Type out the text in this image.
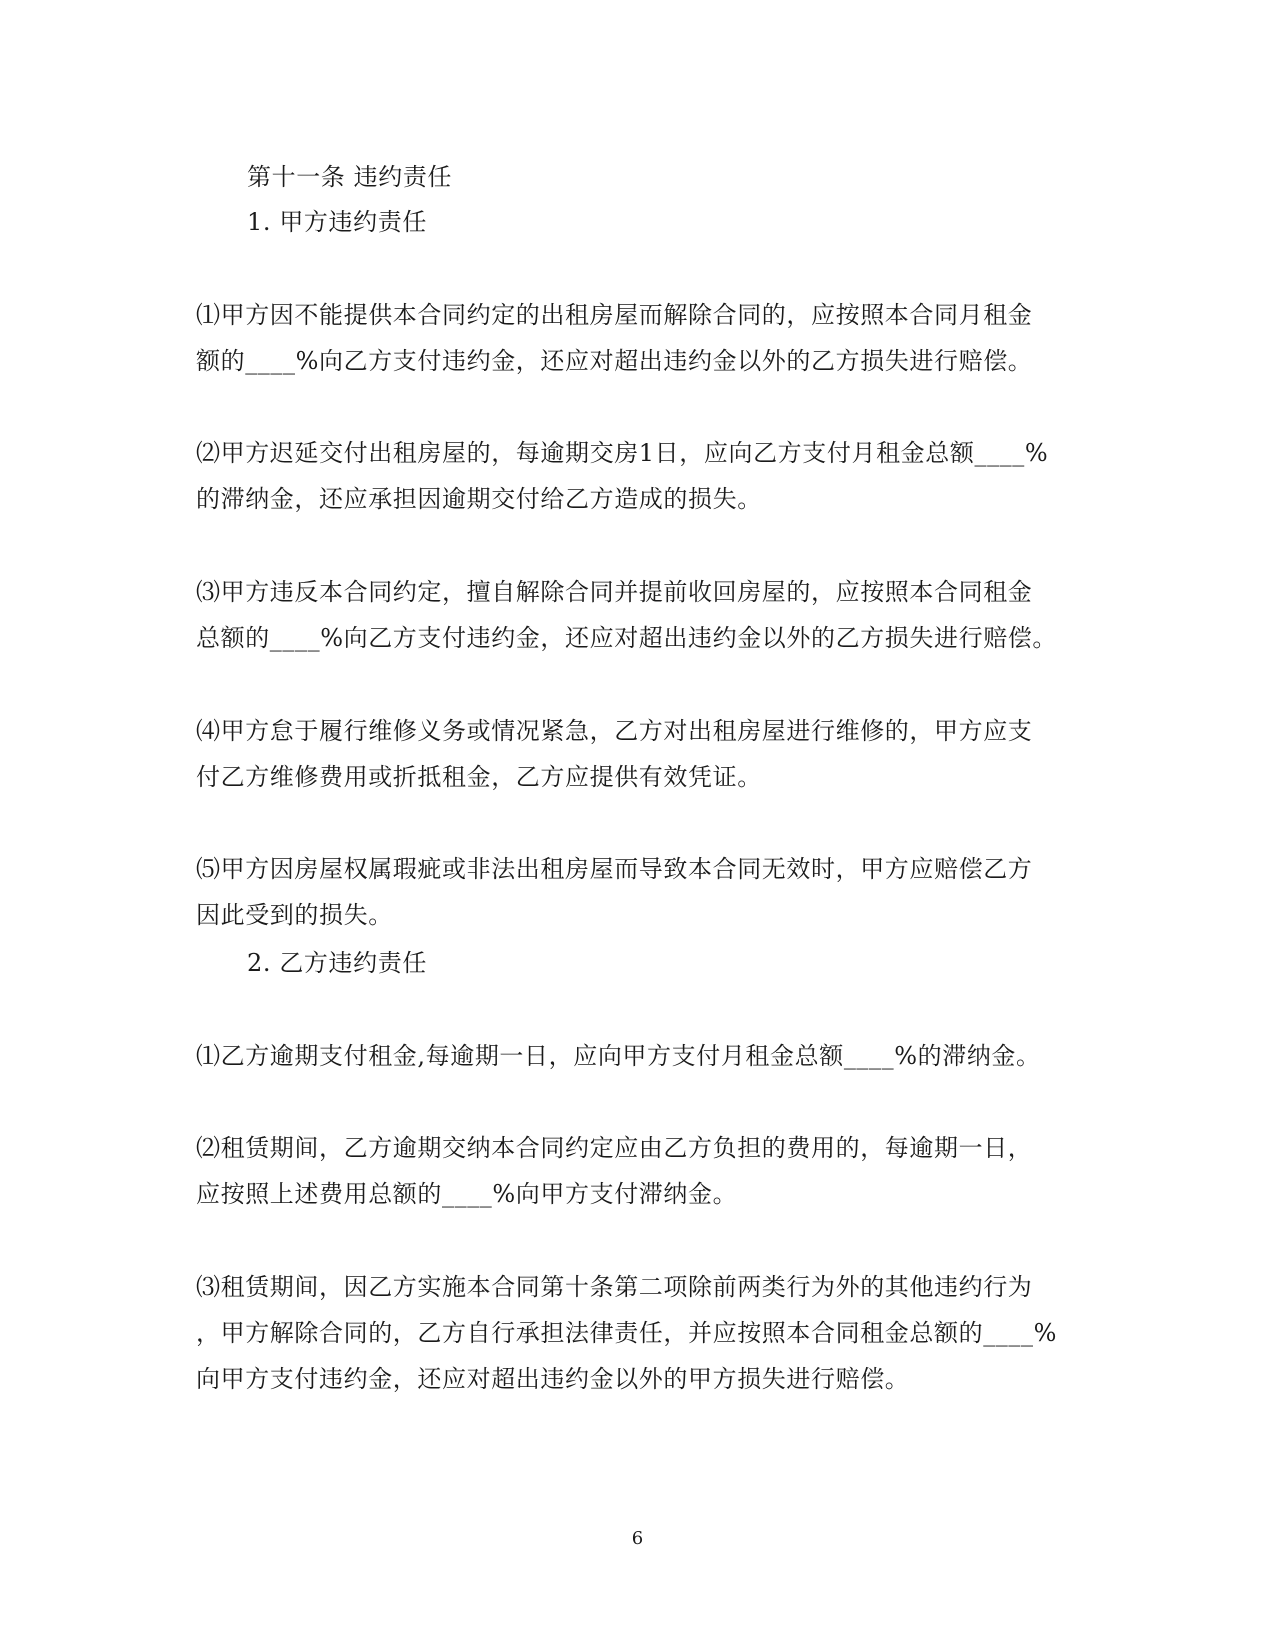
第十一条 违约责任
1. 甲方违约责任
⑴甲方因不能提供本合同约定的出租房屋而解除合同的，应按照本合同月租金
额的____%向乙方支付违约金，还应对超出违约金以外的乙方损失进行赔偿。
⑵甲方迟延交付出租房屋的，每逾期交房1日，应向乙方支付月租金总额____%
的滞纳金，还应承担因逾期交付给乙方造成的损失。
⑶甲方违反本合同约定，擅自解除合同并提前收回房屋的，应按照本合同租金
总额的____%向乙方支付违约金，还应对超出违约金以外的乙方损失进行赔偿。
⑷甲方怠于履行维修义务或情况紧急，乙方对出租房屋进行维修的，甲方应支
付乙方维修费用或折抵租金，乙方应提供有效凭证。
⑸甲方因房屋权属瑕疵或非法出租房屋而导致本合同无效时，甲方应赔偿乙方
因此受到的损失。
2. 乙方违约责任
⑴乙方逾期支付租金,每逾期一日，应向甲方支付月租金总额____%的滞纳金。
⑵租赁期间，乙方逾期交纳本合同约定应由乙方负担的费用的，每逾期一日，
应按照上述费用总额的____%向甲方支付滞纳金。
⑶租赁期间，因乙方实施本合同第十条第二项除前两类行为外的其他违约行为
，甲方解除合同的，乙方自行承担法律责任，并应按照本合同租金总额的____%
向甲方支付违约金，还应对超出违约金以外的甲方损失进行赔偿。
6
